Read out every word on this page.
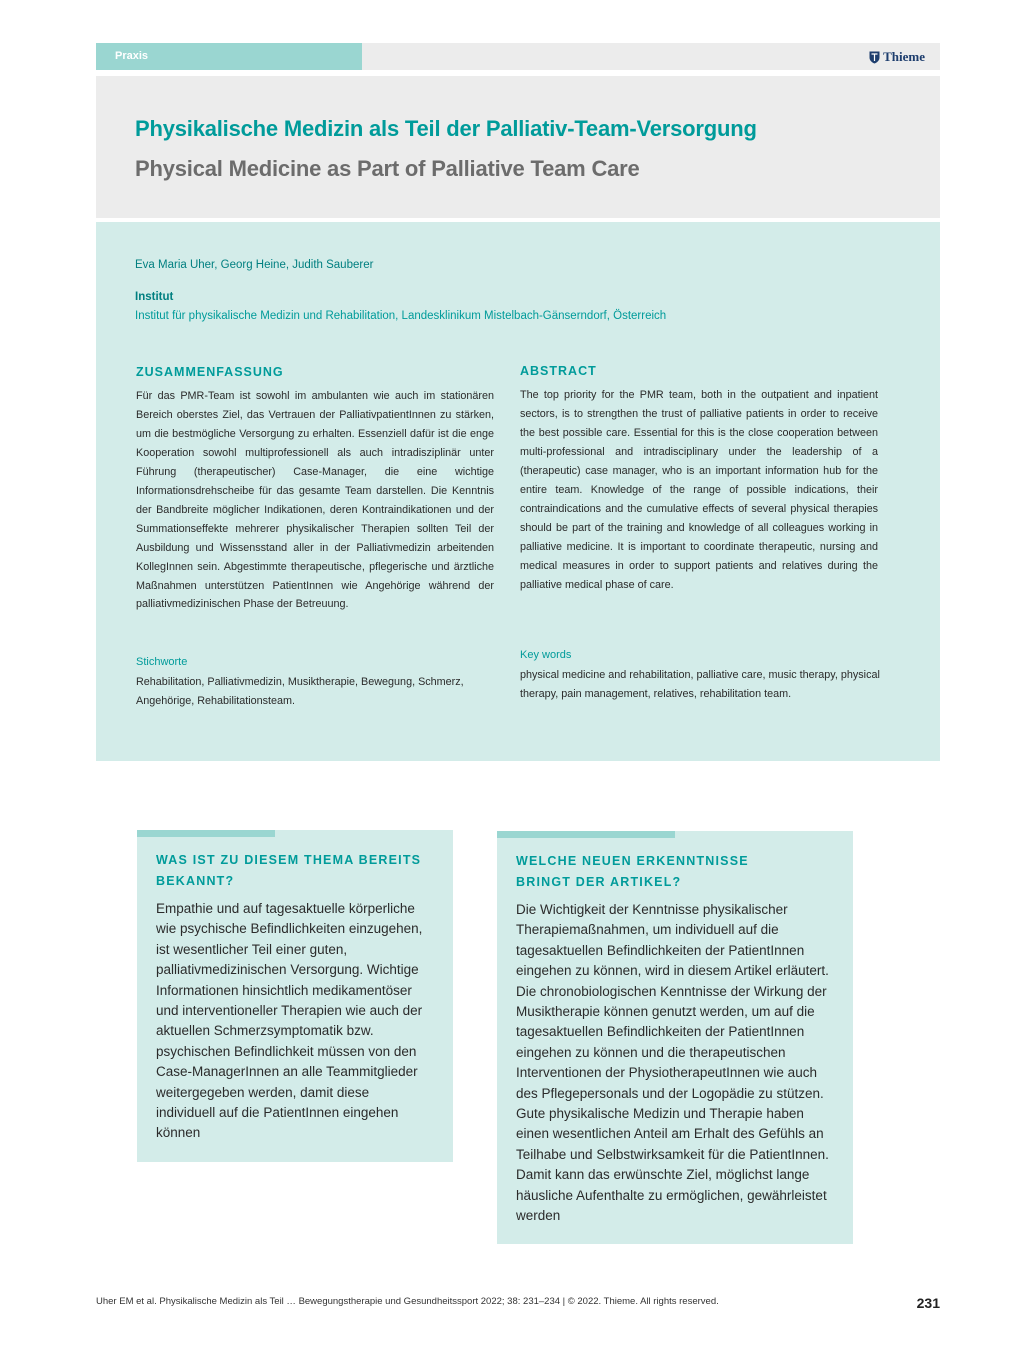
Praxis	Thieme
Physikalische Medizin als Teil der Palliativ-Team-Versorgung
Physical Medicine as Part of Palliative Team Care
Eva Maria Uher, Georg Heine, Judith Sauberer
Institut
Institut für physikalische Medizin und Rehabilitation, Landesklinikum Mistelbach-Gänserndorf, Österreich
ZUSAMMENFASSUNG

Für das PMR-Team ist sowohl im ambulanten wie auch im stationären Bereich oberstes Ziel, das Vertrauen der PalliativpatientInnen zu stärken, um die bestmögliche Versorgung zu erhalten. Essenziell dafür ist die enge Kooperation sowohl multiprofessionell als auch intradisziplinär unter Führung (therapeutischer) Case-Manager, die eine wichtige Informationsdrehscheibe für das gesamte Team darstellen. Die Kenntnis der Bandbreite möglicher Indikationen, deren Kontraindikationen und der Summationseffekte mehrerer physikalischer Therapien sollten Teil der Ausbildung und Wissensstand aller in der Palliativmedizin arbeitenden KollegInnen sein. Abgestimmte therapeutische, pflegerische und ärztliche Maßnahmen unterstützen PatientInnen wie Angehörige während der palliativmedizinischen Phase der Betreuung.

Stichworte
Rehabilitation, Palliativmedizin, Musiktherapie, Bewegung, Schmerz, Angehörige, Rehabilitationsteam.
ABSTRACT

The top priority for the PMR team, both in the outpatient and inpatient sectors, is to strengthen the trust of palliative patients in order to receive the best possible care. Essential for this is the close cooperation between multi-professional and intradisciplinary under the leadership of a (therapeutic) case manager, who is an important information hub for the entire team. Knowledge of the range of possible indications, their contraindications and the cumulative effects of several physical therapies should be part of the training and knowledge of all colleagues working in palliative medicine. It is important to coordinate therapeutic, nursing and medical measures in order to support patients and relatives during the palliative medical phase of care.

Key words
physical medicine and rehabilitation, palliative care, music therapy, physical therapy, pain management, relatives, rehabilitation team.
WAS IST ZU DIESEM THEMA BEREITS BEKANNT?

Empathie und auf tagesaktuelle körperliche wie psychische Befindlichkeiten einzugehen, ist wesentlicher Teil einer guten, palliativmedizinischen Versorgung. Wichtige Informationen hinsichtlich medikamentöser und interventioneller Therapien wie auch der aktuellen Schmerzsymptomatik bzw. psychischen Befindlichkeit müssen von den Case-ManagerInnen an alle Teammitglieder weitergegeben werden, damit diese individuell auf die PatientInnen eingehen können

WELCHE NEUEN ERKENNTNISSE BRINGT DER ARTIKEL?

Die Wichtigkeit der Kenntnisse physikalischer Therapiemaßnahmen, um individuell auf die tagesaktuellen Befindlichkeiten der PatientInnen eingehen zu können, wird in diesem Artikel erläutert. Die chronobiologischen Kenntnisse der Wirkung der Musiktherapie können genutzt werden, um auf die tagesaktuellen Befindlichkeiten der PatientInnen eingehen zu können und die therapeutischen Interventionen der PhysiotherapeutInnen wie auch des Pflegepersonals und der Logopädie zu stützen. Gute physikalische Medizin und Therapie haben einen wesentlichen Anteil am Erhalt des Gefühls an Teilhabe und Selbstwirksamkeit für die PatientInnen. Damit kann das erwünschte Ziel, möglichst lange häusliche Aufenthalte zu ermöglichen, gewährleistet werden

Uher EM et al. Physikalische Medizin als Teil … Bewegungstherapie und Gesundheitssport 2022; 38: 231–234 | © 2022. Thieme. All rights reserved.	231
